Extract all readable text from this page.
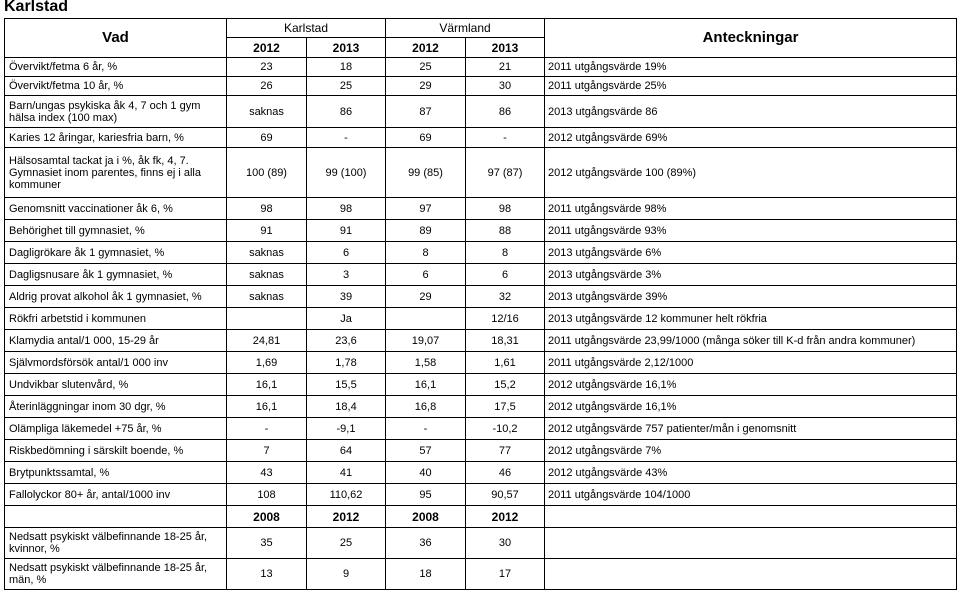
Karlstad
Vad	Karlstad		Värmland		Anteckningar
	2012	2013	2012	2013	
Övervikt/fetma 6 år, %	23	18	25	21	2011 utgångsvärde 19%
Övervikt/fetma 10 år, %	26	25	29	30	2011 utgångsvärde 25%
Barn/ungas psykiska åk 4, 7 och 1 gym hälsa index (100 max)	saknas	86	87	86	2013 utgångsvärde 86
Karies 12 åringar, kariesfria barn, %	69	-	69	-	2012 utgångsvärde 69%
Hälsosamtal tackat ja i %, åk fk, 4, 7. Gymnasiet inom parentes, finns ej i alla kommuner	100 (89)	99 (100)	99 (85)	97 (87)	2012 utgångsvärde 100 (89%)
Genomsnitt vaccinationer åk 6, %	98	98	97	98	2011 utgångsvärde 98%
Behörighet till gymnasiet, %	91	91	89	88	2011 utgångsvärde 93%
Dagligrökare åk 1 gymnasiet, %	saknas	6	8	8	2013 utgångsvärde 6%
Dagligsnusare åk 1 gymnasiet, %	saknas	3	6	6	2013 utgångsvärde 3%
Aldrig provat alkohol åk 1 gymnasiet, %	saknas	39	29	32	2013 utgångsvärde 39%
Rökfri arbetstid i kommunen		Ja		12/16	2013 utgångsvärde 12 kommuner helt rökfria
Klamydia antal/1 000, 15-29 år	24,81	23,6	19,07	18,31	2011 utgångsvärde 23,99/1000 (många söker till K-d från andra kommuner)
Självmordsförsök antal/1 000 inv	1,69	1,78	1,58	1,61	2011 utgångsvärde 2,12/1000
Undvikbar slutenvård, %	16,1	15,5	16,1	15,2	2012 utgångsvärde 16,1%
Återinläggningar inom 30 dgr, %	16,1	18,4	16,8	17,5	2012 utgångsvärde 16,1%
Olämpliga läkemedel +75 år, %	-	-9,1	-	-10,2	2012 utgångsvärde 757 patienter/mån i genomsnitt
Riskbedömning i särskilt boende, %	7	64	57	77	2012 utgångsvärde 7%
Brytpunktssamtal, %	43	41	40	46	2012 utgångsvärde 43%
Fallolyckor 80+ år, antal/1000 inv	108	110,62	95	90,57	2011 utgångsvärde 104/1000
	2008	2012	2008	2012	
Nedsatt psykiskt välbefinnande 18-25 år, kvinnor, %	35	25	36	30	
Nedsatt psykiskt välbefinnande 18-25 år, män, %	13	9	18	17	
